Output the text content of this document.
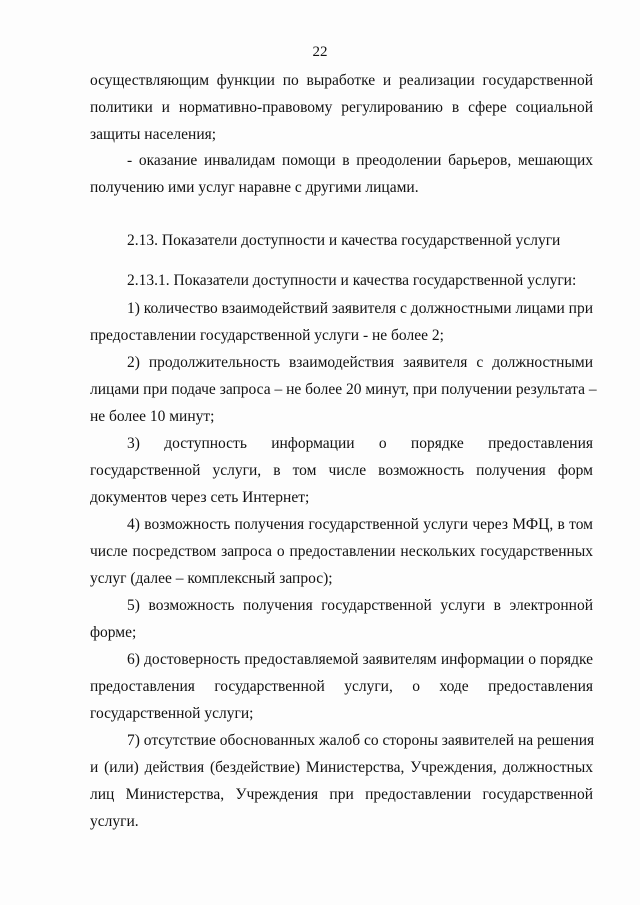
22
осуществляющим функции по выработке и реализации государственной
политики и нормативно-правовому регулированию в сфере социальной
защиты населения;
- оказание инвалидам помощи в преодолении барьеров, мешающих
получению ими услуг наравне с другими лицами.
2.13. Показатели доступности и качества государственной услуги
2.13.1. Показатели доступности и качества государственной услуги:
1) количество взаимодействий заявителя с должностными лицами при
предоставлении государственной услуги - не более 2;
2) продолжительность взаимодействия заявителя с должностными
лицами при подаче запроса – не более 20 минут, при получении результата –
не более 10 минут;
3) доступность информации о порядке предоставления
государственной услуги, в том числе возможность получения форм
документов через сеть Интернет;
4) возможность получения государственной услуги через МФЦ, в том
числе посредством запроса о предоставлении нескольких государственных
услуг (далее – комплексный запрос);
5) возможность получения государственной услуги в электронной
форме;
6) достоверность предоставляемой заявителям информации о порядке
предоставления государственной услуги, о ходе предоставления
государственной услуги;
7) отсутствие обоснованных жалоб со стороны заявителей на решения
и (или) действия (бездействие) Министерства, Учреждения, должностных
лиц Министерства, Учреждения при предоставлении государственной
услуги.
